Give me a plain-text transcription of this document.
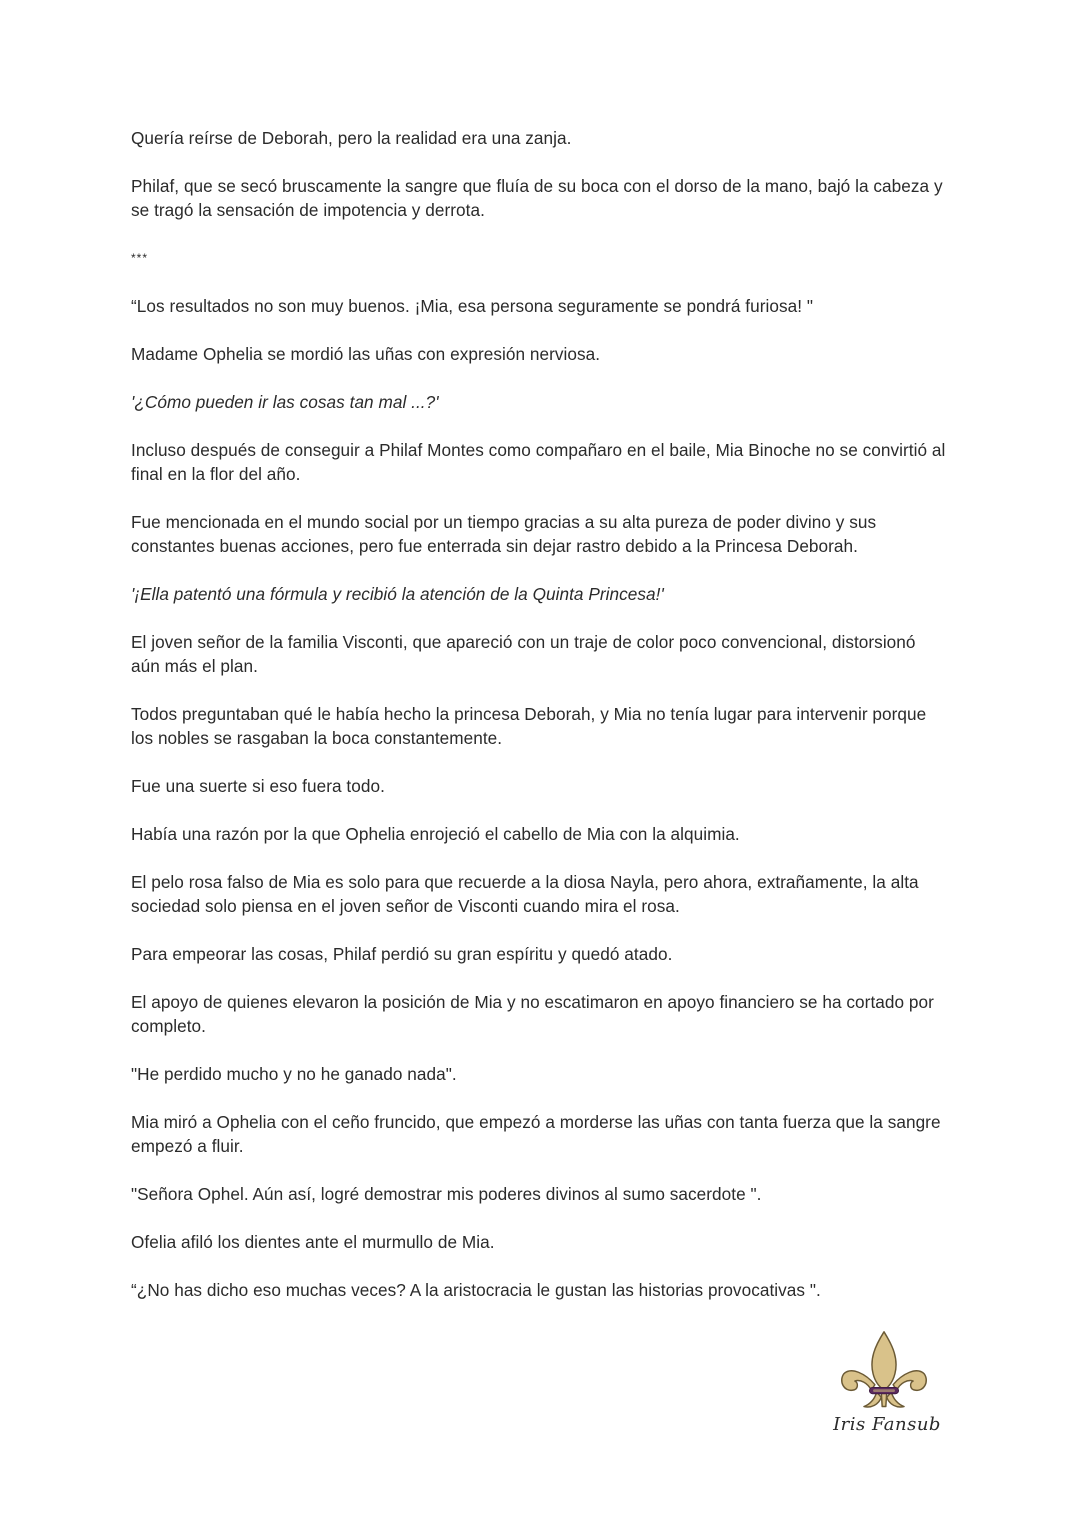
Quería reírse de Deborah, pero la realidad era una zanja.

Philaf, que se secó bruscamente la sangre que fluía de su boca con el dorso de la mano, bajó la cabeza y se tragó la sensación de impotencia y derrota.

***

“Los resultados no son muy buenos. ¡Mia, esa persona seguramente se pondrá furiosa! "

Madame Ophelia se mordió las uñas con expresión nerviosa.

'¿Cómo pueden ir las cosas tan mal ...?'

Incluso después de conseguir a Philaf Montes como compañaro en el baile, Mia Binoche no se convirtió al final en la flor del año.

Fue mencionada en el mundo social por un tiempo gracias a su alta pureza de poder divino y sus constantes buenas acciones, pero fue enterrada sin dejar rastro debido a la Princesa Deborah.

'¡Ella patentó una fórmula y recibió la atención de la Quinta Princesa!'

El joven señor de la familia Visconti, que apareció con un traje de color poco convencional, distorsionó aún más el plan.

Todos preguntaban qué le había hecho la princesa Deborah, y Mia no tenía lugar para intervenir porque los nobles se rasgaban la boca constantemente.

Fue una suerte si eso fuera todo.

Había una razón por la que Ophelia enrojeció el cabello de Mia con la alquimia.

El pelo rosa falso de Mia es solo para que recuerde a la diosa Nayla, pero ahora, extrañamente, la alta sociedad solo piensa en el joven señor de Visconti cuando mira el rosa.

Para empeorar las cosas, Philaf perdió su gran espíritu y quedó atado.

El apoyo de quienes elevaron la posición de Mia y no escatimaron en apoyo financiero se ha cortado por completo.

"He perdido mucho y no he ganado nada".

Mia miró a Ophelia con el ceño fruncido, que empezó a morderse las uñas con tanta fuerza que la sangre empezó a fluir.

"Señora Ophel. Aún así, logré demostrar mis poderes divinos al sumo sacerdote ".

Ofelia afiló los dientes ante el murmullo de Mia.

“¿No has dicho eso muchas veces? A la aristocracia le gustan las historias provocativas ".

Iris Fansub
